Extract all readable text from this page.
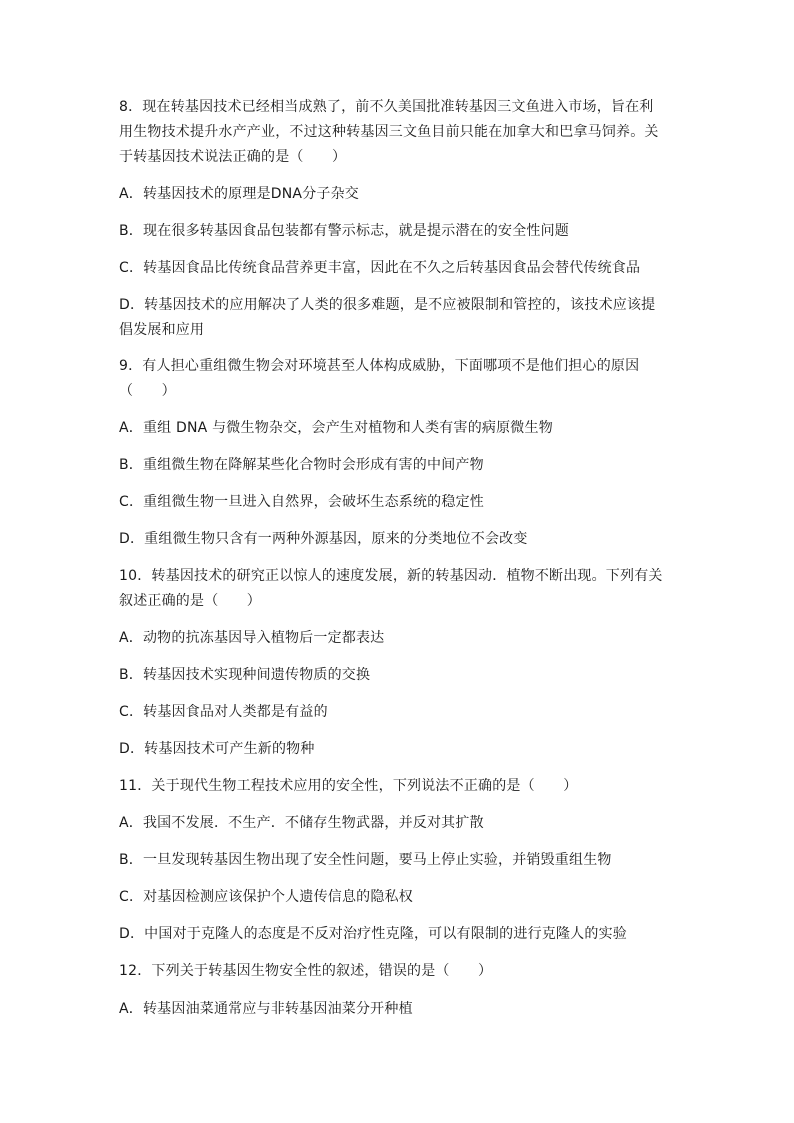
8．现在转基因技术已经相当成熟了，前不久美国批准转基因三文鱼进入市场，旨在利
用生物技术提升水产产业，不过这种转基因三文鱼目前只能在加拿大和巴拿马饲养。关
于转基因技术说法正确的是（　　）
A．转基因技术的原理是DNA分子杂交
B．现在很多转基因食品包装都有警示标志，就是提示潜在的安全性问题
C．转基因食品比传统食品营养更丰富，因此在不久之后转基因食品会替代传统食品
D．转基因技术的应用解决了人类的很多难题，是不应被限制和管控的，该技术应该提
倡发展和应用
9．有人担心重组微生物会对环境甚至人体构成威胁，下面哪项不是他们担心的原因
（　　）
A．重组 DNA 与微生物杂交，会产生对植物和人类有害的病原微生物
B．重组微生物在降解某些化合物时会形成有害的中间产物
C．重组微生物一旦进入自然界，会破坏生态系统的稳定性
D．重组微生物只含有一两种外源基因，原来的分类地位不会改变
10．转基因技术的研究正以惊人的速度发展，新的转基因动．植物不断出现。下列有关
叙述正确的是（　　）
A．动物的抗冻基因导入植物后一定都表达
B．转基因技术实现种间遗传物质的交换
C．转基因食品对人类都是有益的
D．转基因技术可产生新的物种
11．关于现代生物工程技术应用的安全性，下列说法不正确的是（　　）
A．我国不发展．不生产．不储存生物武器，并反对其扩散
B．一旦发现转基因生物出现了安全性问题，要马上停止实验，并销毁重组生物
C．对基因检测应该保护个人遗传信息的隐私权
D．中国对于克隆人的态度是不反对治疗性克隆，可以有限制的进行克隆人的实验
12．下列关于转基因生物安全性的叙述，错误的是（　　）
A．转基因油菜通常应与非转基因油菜分开种植
